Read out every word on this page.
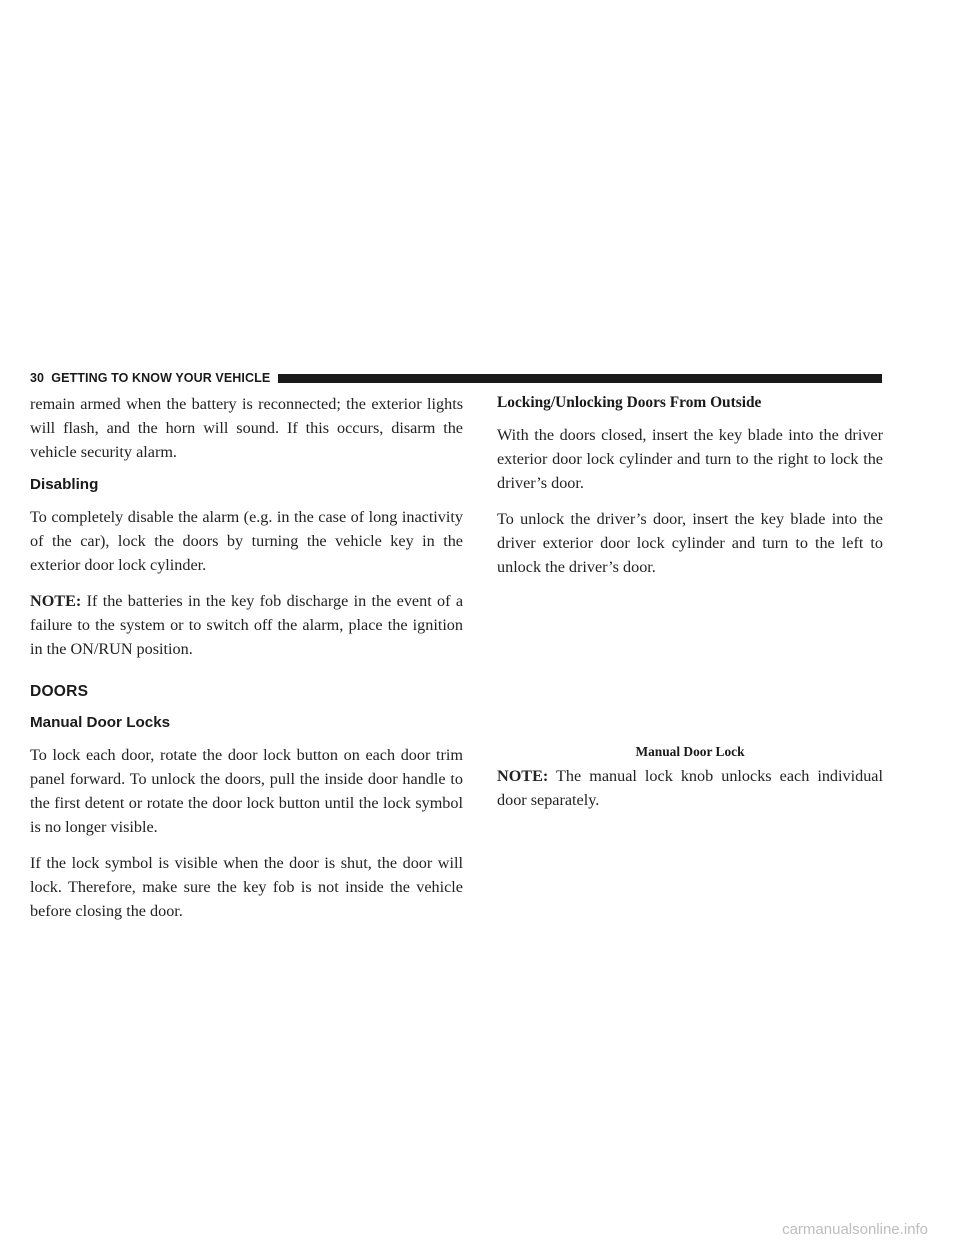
30 GETTING TO KNOW YOUR VEHICLE

remain armed when the battery is reconnected; the exterior lights will flash, and the horn will sound. If this occurs, disarm the vehicle security alarm.

Disabling

To completely disable the alarm (e.g. in the case of long inactivity of the car), lock the doors by turning the vehicle key in the exterior door lock cylinder.

NOTE: If the batteries in the key fob discharge in the event of a failure to the system or to switch off the alarm, place the ignition in the ON/RUN position.

DOORS
Manual Door Locks

To lock each door, rotate the door lock button on each door trim panel forward. To unlock the doors, pull the inside door handle to the first detent or rotate the door lock button until the lock symbol is no longer visible.

If the lock symbol is visible when the door is shut, the door will lock. Therefore, make sure the key fob is not inside the vehicle before closing the door.

Locking/Unlocking Doors From Outside

With the doors closed, insert the key blade into the driver exterior door lock cylinder and turn to the right to lock the driver’s door.

To unlock the driver’s door, insert the key blade into the driver exterior door lock cylinder and turn to the left to unlock the driver’s door.

Manual Door Lock

NOTE: The manual lock knob unlocks each individual door separately.

carmanualsonline.info
